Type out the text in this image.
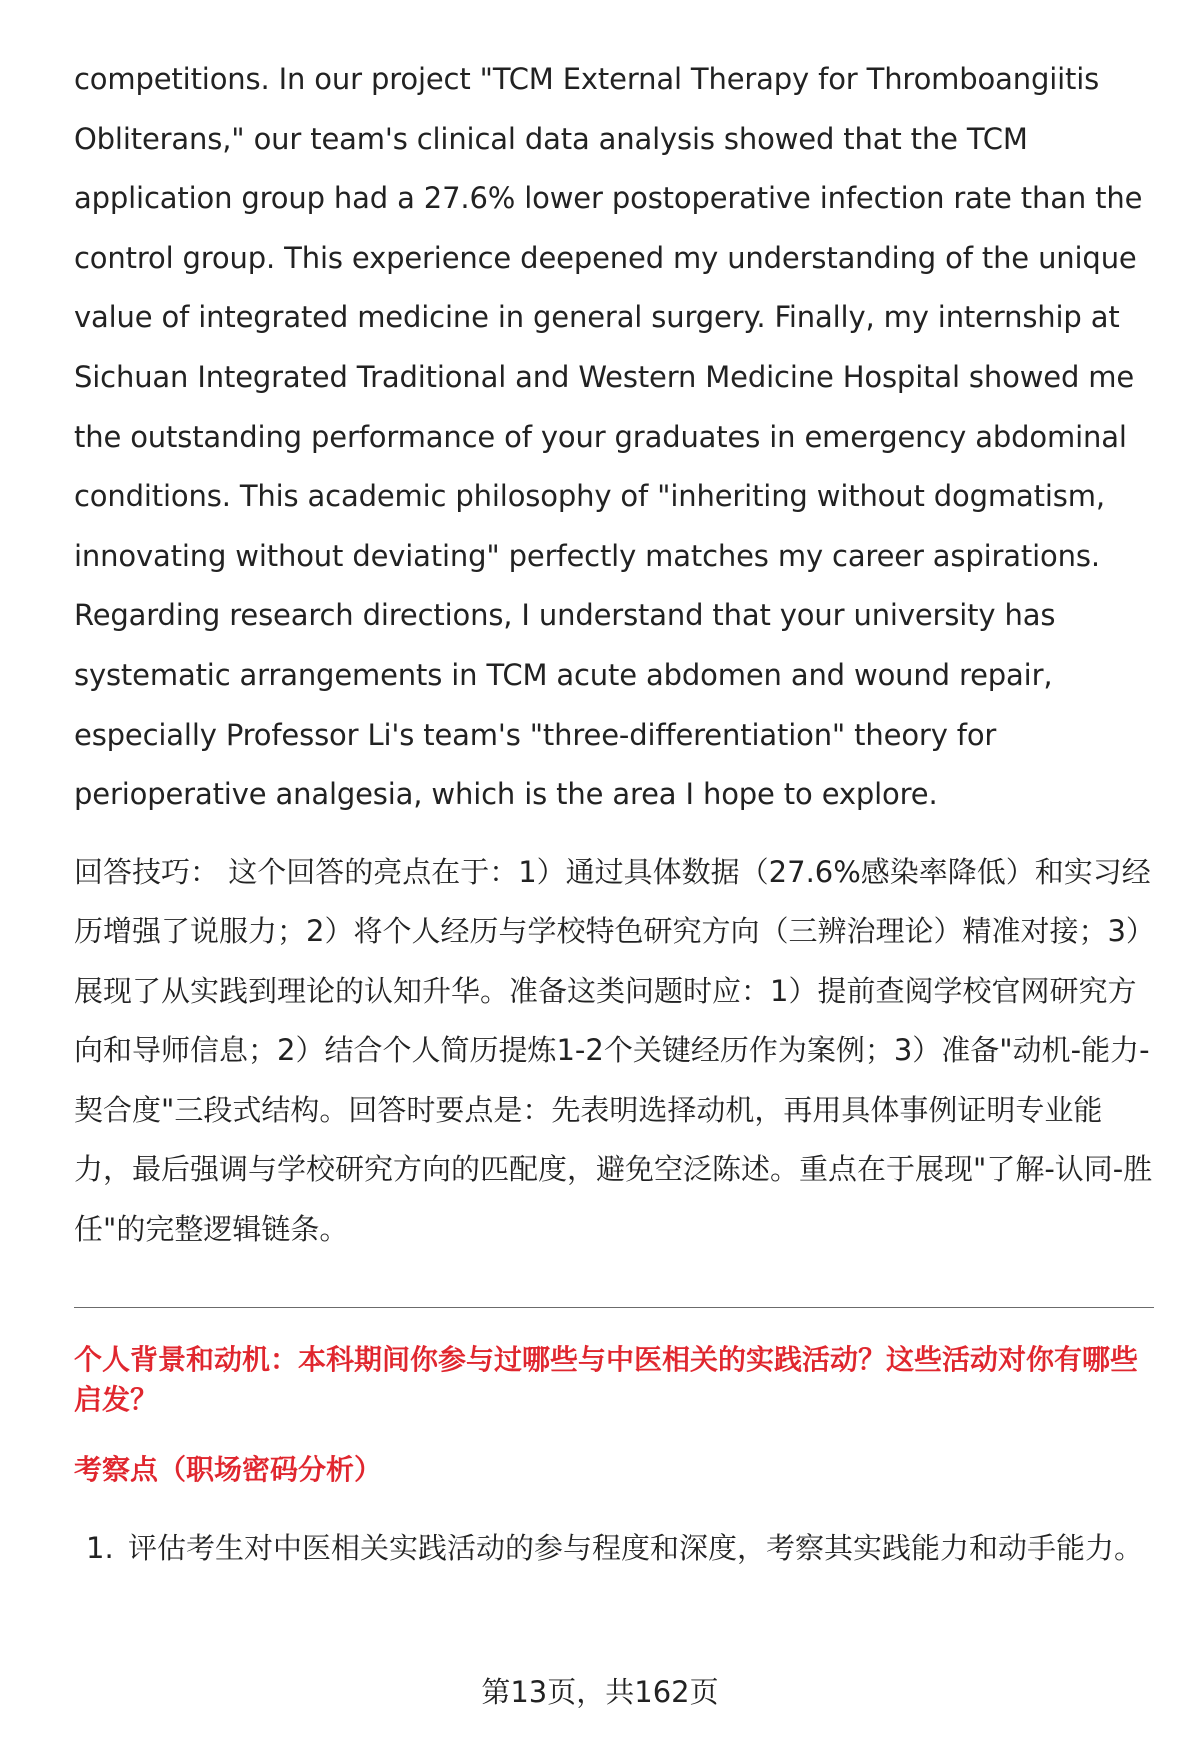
competitions. In our project "TCM External Therapy for Thromboangiitis Obliterans," our team's clinical data analysis showed that the TCM application group had a 27.6% lower postoperative infection rate than the control group. This experience deepened my understanding of the unique value of integrated medicine in general surgery. Finally, my internship at Sichuan Integrated Traditional and Western Medicine Hospital showed me the outstanding performance of your graduates in emergency abdominal conditions. This academic philosophy of "inheriting without dogmatism, innovating without deviating" perfectly matches my career aspirations. Regarding research directions, I understand that your university has systematic arrangements in TCM acute abdomen and wound repair, especially Professor Li's team's "three-differentiation" theory for perioperative analgesia, which is the area I hope to explore.

回答技巧： 这个回答的亮点在于：1）通过具体数据（27.6%感染率降低）和实习经历增强了说服力；2）将个人经历与学校特色研究方向（三辨治理论）精准对接；3）展现了从实践到理论的认知升华。准备这类问题时应：1）提前查阅学校官网研究方向和导师信息；2）结合个人简历提炼1-2个关键经历作为案例；3）准备"动机-能力-契合度"三段式结构。回答时要点是：先表明选择动机，再用具体事例证明专业能力，最后强调与学校研究方向的匹配度，避免空泛陈述。重点在于展现"了解-认同-胜任"的完整逻辑链条。

个人背景和动机：本科期间你参与过哪些与中医相关的实践活动？这些活动对你有哪些启发？
考察点（职场密码分析）
1. 评估考生对中医相关实践活动的参与程度和深度，考察其实践能力和动手能力。
第13页，共162页
